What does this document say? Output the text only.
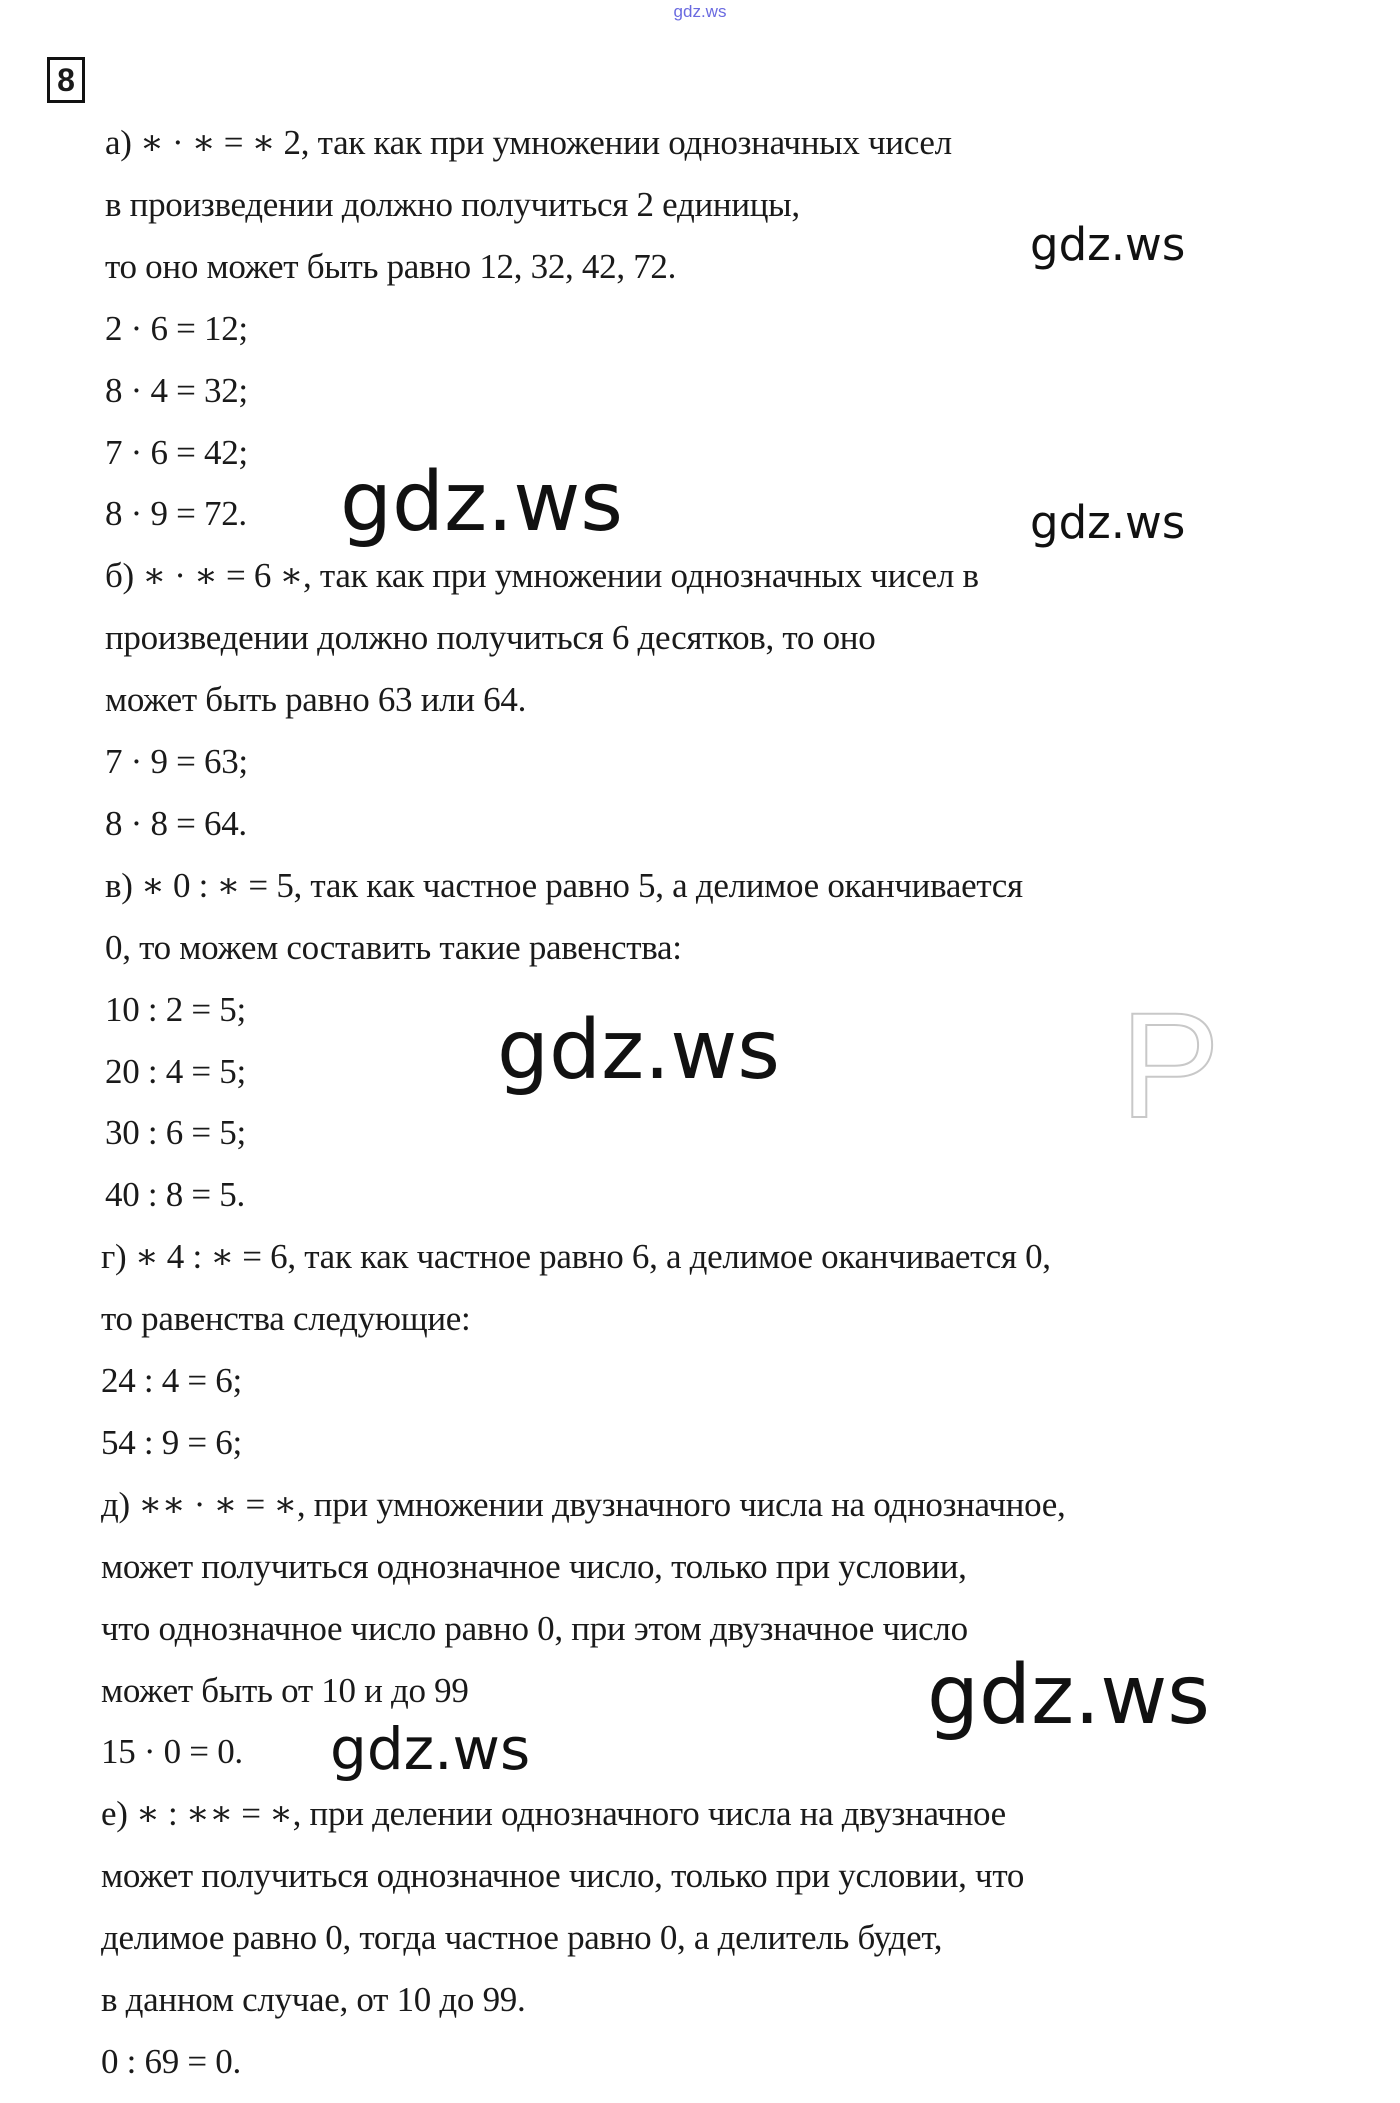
gdz.ws
8
а) ∗ · ∗ = ∗ 2, так как при умножении однозначных чисел
в произведении должно получиться 2 единицы,
то оно может быть равно 12, 32, 42, 72.
2 · 6 = 12;
8 · 4 = 32;
7 · 6 = 42;
8 · 9 = 72.
б) ∗ · ∗ = 6 ∗, так как при умножении однозначных чисел в
произведении должно получиться 6 десятков, то оно
может быть равно 63 или 64.
7 · 9 = 63;
8 · 8 = 64.
в) ∗ 0 : ∗ = 5, так как частное равно 5, а делимое оканчивается
0, то можем составить такие равенства:
10 : 2 = 5;
20 : 4 = 5;
30 : 6 = 5;
40 : 8 = 5.
г) ∗ 4 : ∗ = 6, так как частное равно 6, а делимое оканчивается 0,
то равенства следующие:
24 : 4 = 6;
54 : 9 = 6;
д) ∗∗ · ∗ = ∗, при умножении двузначного числа на однозначное,
может получиться однозначное число, только при условии,
что однозначное число равно 0, при этом двузначное число
может быть от 10 и до 99
15 · 0 = 0.
е) ∗ : ∗∗ = ∗, при делении однозначного числа на двузначное
может получиться однозначное число, только при условии, что
делимое равно 0, тогда частное равно 0, а делитель будет,
в данном случае, от 10 до 99.
0 : 69 = 0.
P
gdz.ws
gdz.ws	gdz.ws
gdz.ws
gdz.ws
gdz.ws
